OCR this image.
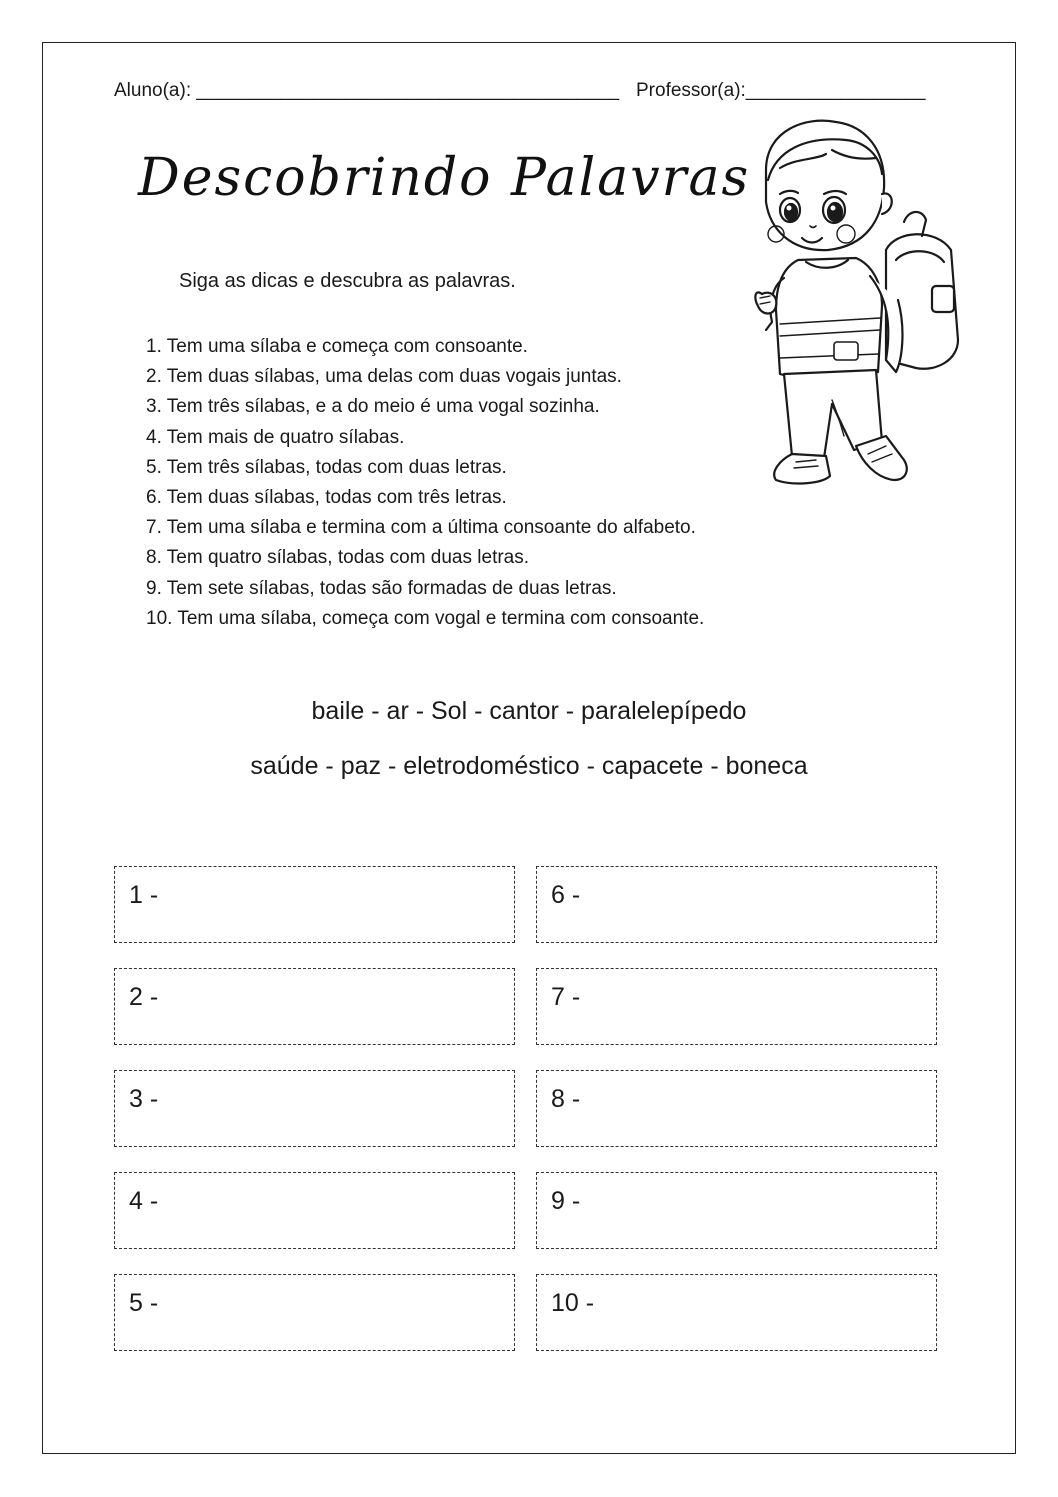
Aluno(a): ________________________________________ Professor(a):_________________
Descobrindo Palavras
Siga as dicas e descubra as palavras.
1. Tem uma sílaba e começa com consoante.
2. Tem duas sílabas, uma delas com duas vogais juntas.
3. Tem três sílabas, e a do meio é uma vogal sozinha.
4. Tem mais de quatro sílabas.
5. Tem três sílabas, todas com duas letras.
6. Tem duas sílabas, todas com três letras.
7. Tem uma sílaba e termina com a última consoante do alfabeto.
8. Tem quatro sílabas, todas com duas letras.
9. Tem sete sílabas, todas são formadas de duas letras.
10. Tem uma sílaba, começa com vogal e termina com consoante.
baile - ar - Sol - cantor - paralelepípedo
saúde - paz - eletrodoméstico - capacete - boneca
1 -	6 -
2 -	7 -
3 -	8 -
4 -	9 -
5 -	10 -
